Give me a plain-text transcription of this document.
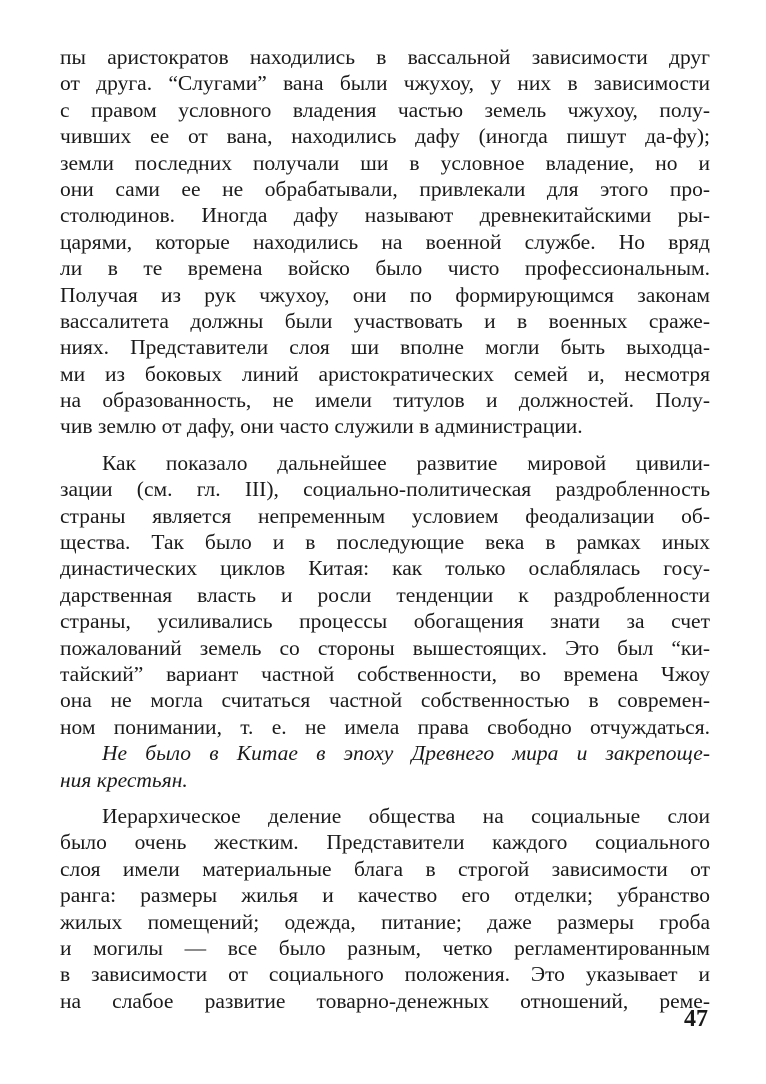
пы аристократов находились в вассальной зависимости друг
от друга. “Слугами” вана были чжухоу, у них в зависимости
с правом условного владения частью земель чжухоу, полу-
чивших ее от вана, находились дафу (иногда пишут да-фу);
земли последних получали ши в условное владение, но и
они сами ее не обрабатывали, привлекали для этого про-
столюдинов. Иногда дафу называют древнекитайскими ры-
царями, которые находились на военной службе. Но вряд
ли в те времена войско было чисто профессиональным.
Получая из рук чжухоу, они по формирующимся законам
вассалитета должны были участвовать и в военных сраже-
ниях. Представители слоя ши вполне могли быть выходца-
ми из боковых линий аристократических семей и, несмотря
на образованность, не имели титулов и должностей. Полу-
чив землю от дафу, они часто служили в администрации.
Как показало дальнейшее развитие мировой цивили-
зации (см. гл. III), социально-политическая раздробленность
страны является непременным условием феодализации об-
щества. Так было и в последующие века в рамках иных
династических циклов Китая: как только ослаблялась госу-
дарственная власть и росли тенденции к раздробленности
страны, усиливались процессы обогащения знати за счет
пожалований земель со стороны вышестоящих. Это был “ки-
тайский” вариант частной собственности, во времена Чжоу
она не могла считаться частной собственностью в современ-
ном понимании, т. е. не имела права свободно отчуждаться.
Не было в Китае в эпоху Древнего мира и закрепоще-
ния крестьян.
Иерархическое деление общества на социальные слои
было очень жестким. Представители каждого социального
слоя имели материальные блага в строгой зависимости от
ранга: размеры жилья и качество его отделки; убранство
жилых помещений; одежда, питание; даже размеры гроба
и могилы — все было разным, четко регламентированным
в зависимости от социального положения. Это указывает и
на слабое развитие товарно-денежных отношений, реме-
47
